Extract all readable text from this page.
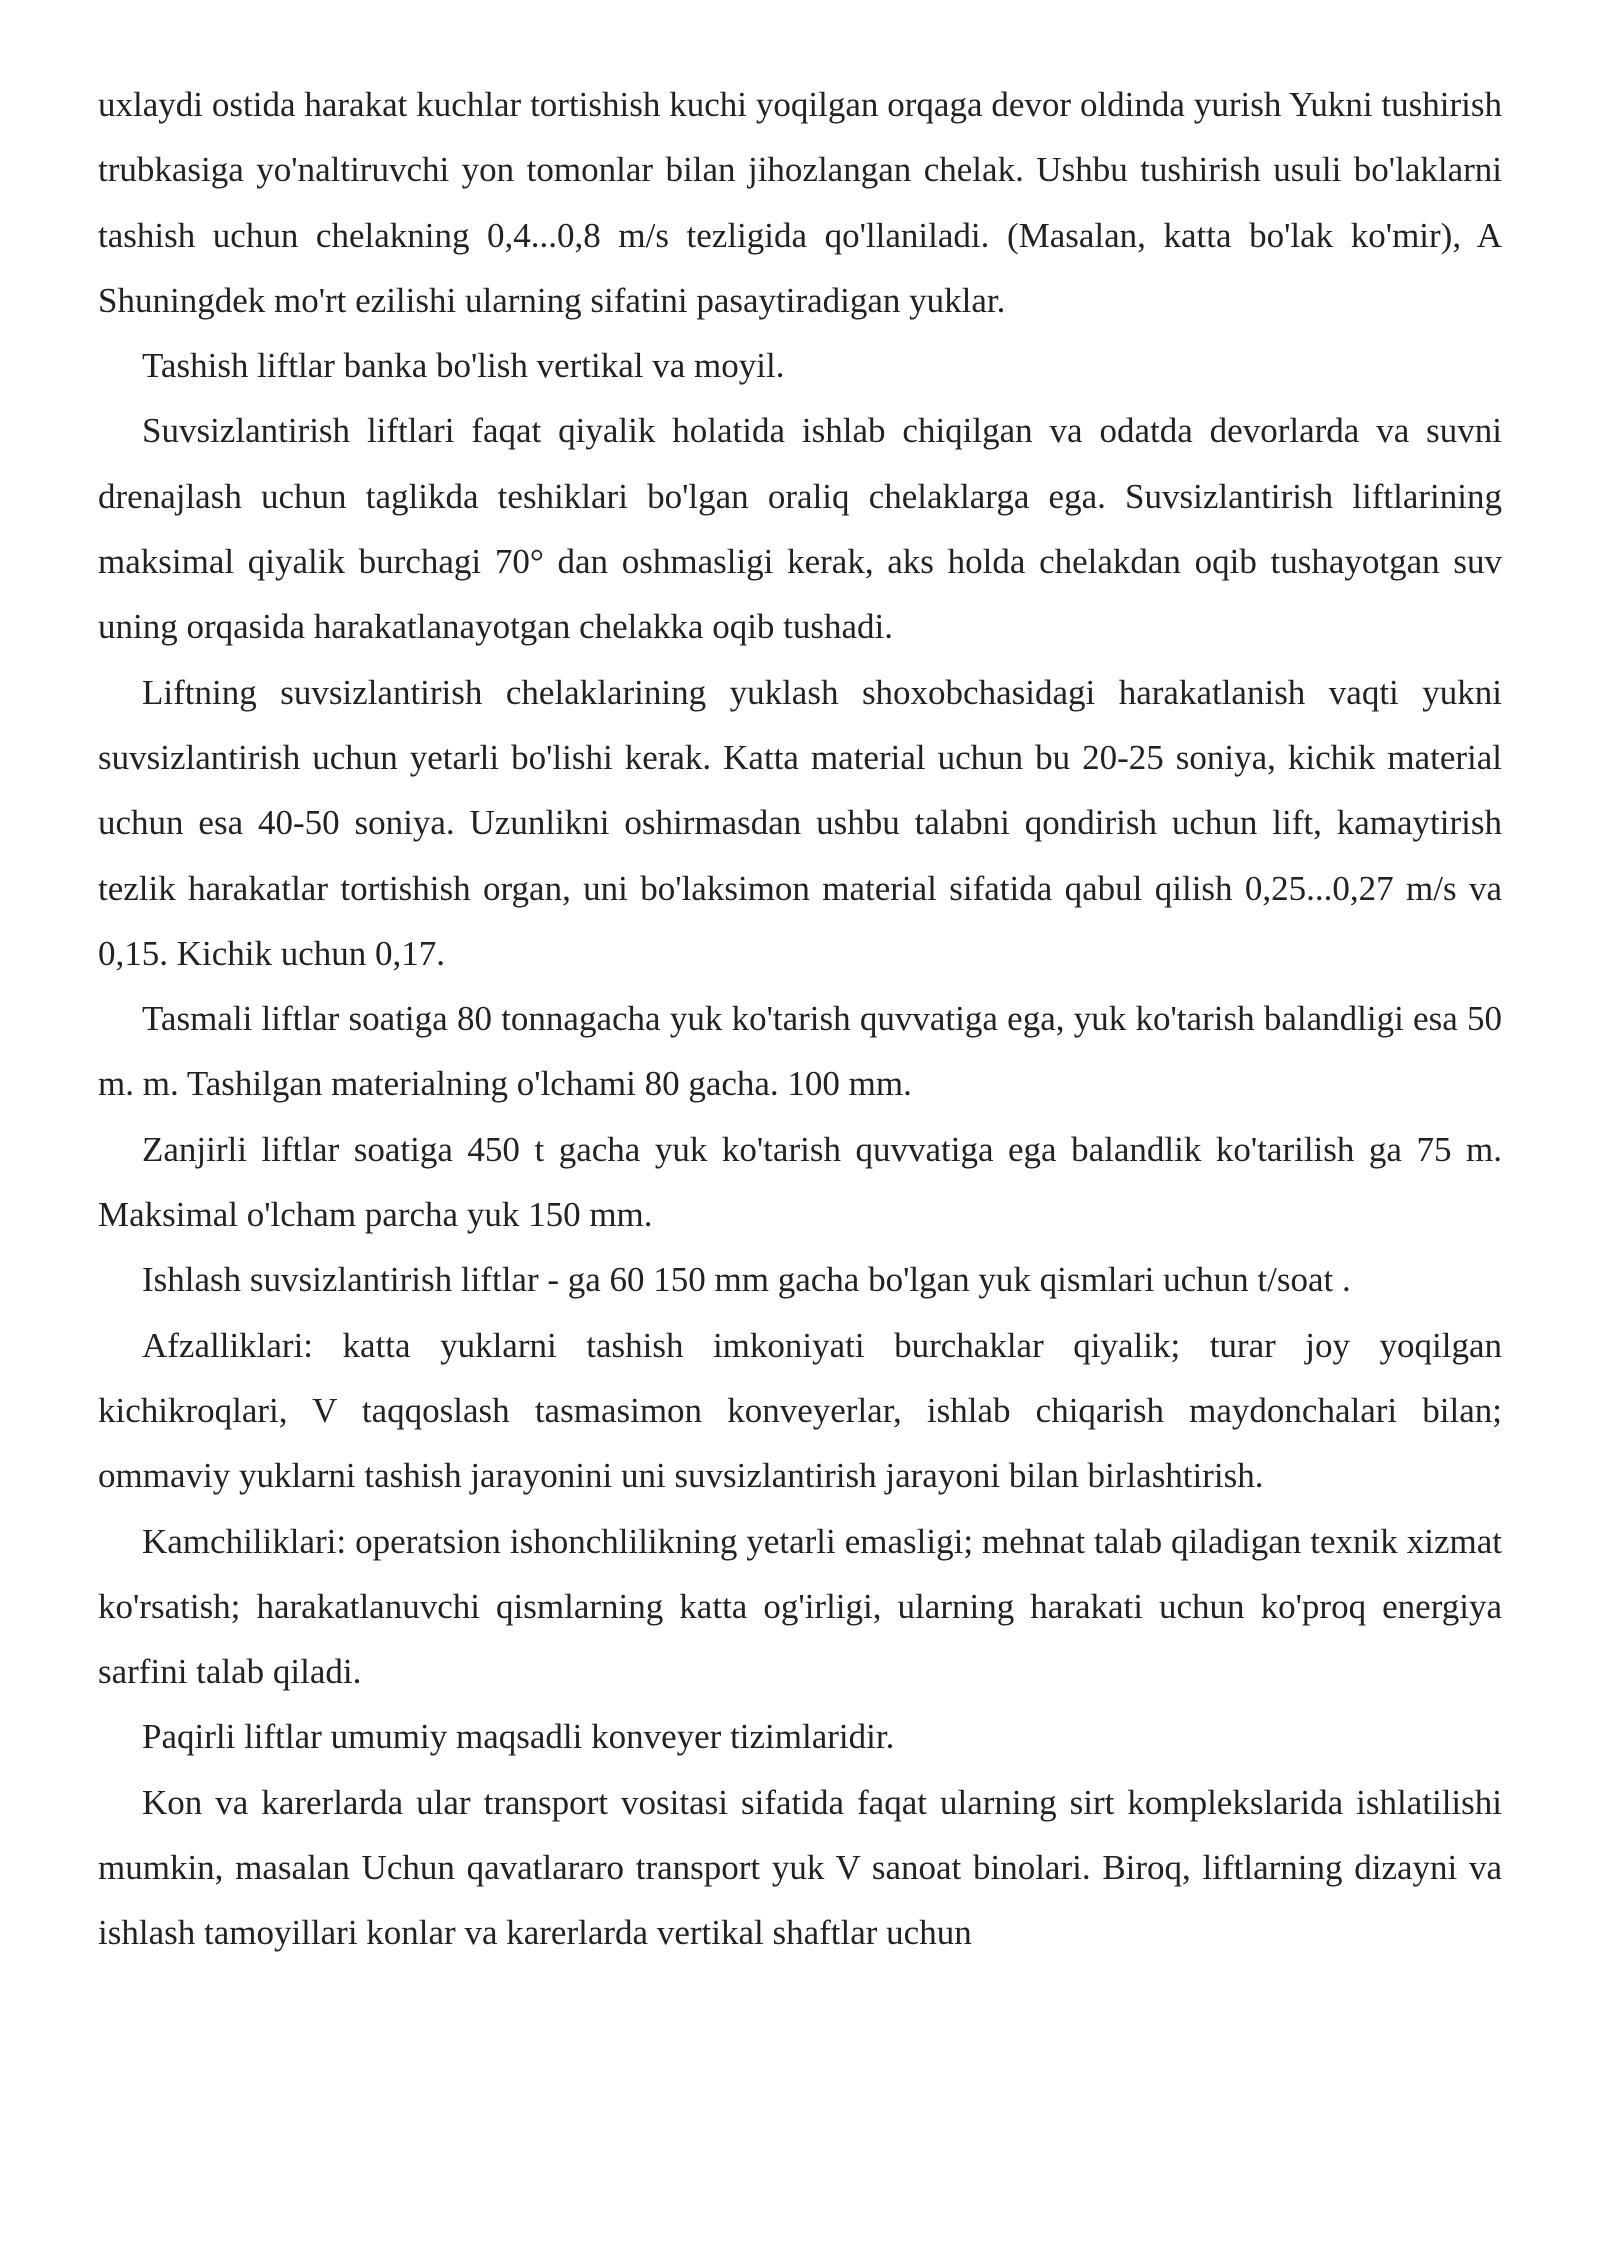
uxlaydi ostida harakat kuchlar tortishish kuchi yoqilgan orqaga devor oldinda yurish Yukni tushirish trubkasiga yo'naltiruvchi yon tomonlar bilan jihozlangan chelak. Ushbu tushirish usuli bo'laklarni tashish uchun chelakning 0,4...0,8 m/s tezligida qo'llaniladi. (Masalan, katta bo'lak ko'mir), A Shuningdek mo'rt ezilishi ularning sifatini pasaytiradigan yuklar.

Tashish liftlar banka bo'lish vertikal va moyil.

Suvsizlantirish liftlari faqat qiyalik holatida ishlab chiqilgan va odatda devorlarda va suvni drenajlash uchun taglikda teshiklari bo'lgan oraliq chelaklarga ega. Suvsizlantirish liftlarining maksimal qiyalik burchagi 70° dan oshmasligi kerak, aks holda chelakdan oqib tushayotgan suv uning orqasida harakatlanayotgan chelakka oqib tushadi.

Liftning suvsizlantirish chelaklarining yuklash shoxobchasidagi harakatlanish vaqti yukni suvsizlantirish uchun yetarli bo'lishi kerak. Katta material uchun bu 20-25 soniya, kichik material uchun esa 40-50 soniya. Uzunlikni oshirmasdan ushbu talabni qondirish uchun lift, kamaytirish tezlik harakatlar tortishish organ, uni bo'laksimon material sifatida qabul qilish 0,25...0,27 m/s va 0,15. Kichik uchun 0,17.

Tasmali liftlar soatiga 80 tonnagacha yuk ko'tarish quvvatiga ega, yuk ko'tarish balandligi esa 50 m. m. Tashilgan materialning o'lchami 80 gacha. 100 mm.

Zanjirli liftlar soatiga 450 t gacha yuk ko'tarish quvvatiga ega balandlik ko'tarilish ga 75 m. Maksimal o'lcham parcha yuk 150 mm.

Ishlash suvsizlantirish liftlar - ga 60 150 mm gacha bo'lgan yuk qismlari uchun t/soat .

Afzalliklari: katta yuklarni tashish imkoniyati burchaklar qiyalik; turar joy yoqilgan kichikroqlari, V taqqoslash tasmasimon konveyerlar, ishlab chiqarish maydonchalari bilan; ommaviy yuklarni tashish jarayonini uni suvsizlantirish jarayoni bilan birlashtirish.

Kamchiliklari: operatsion ishonchlilikning yetarli emasligi; mehnat talab qiladigan texnik xizmat ko'rsatish; harakatlanuvchi qismlarning katta og'irligi, ularning harakati uchun ko'proq energiya sarfini talab qiladi.

Paqirli liftlar umumiy maqsadli konveyer tizimlaridir.

Kon va karerlarda ular transport vositasi sifatida faqat ularning sirt komplekslarida ishlatilishi mumkin, masalan Uchun qavatlararo transport yuk V sanoat binolari. Biroq, liftlarning dizayni va ishlash tamoyillari konlar va karerlarda vertikal shaftlar uchun
